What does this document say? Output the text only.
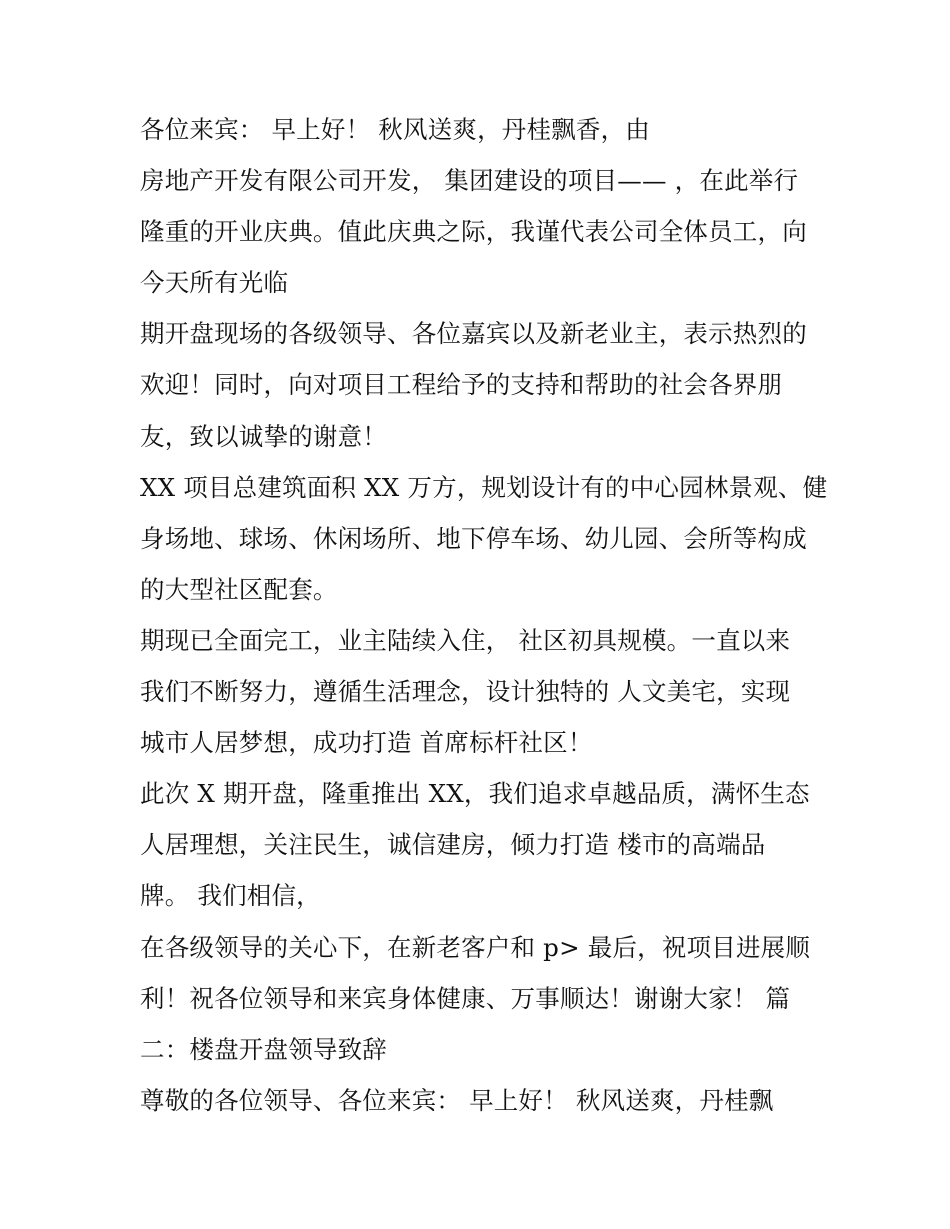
各位来宾： 早上好！ 秋风送爽，丹桂飘香，由
房地产开发有限公司开发， 集团建设的项目—— ，在此举行
隆重的开业庆典。值此庆典之际，我谨代表公司全体员工，向
今天所有光临
期开盘现场的各级领导、各位嘉宾以及新老业主，表示热烈的
欢迎！同时，向对项目工程给予的支持和帮助的社会各界朋
友，致以诚挚的谢意！
XX 项目总建筑面积 XX 万方，规划设计有的中心园林景观、健
身场地、球场、休闲场所、地下停车场、幼儿园、会所等构成
的大型社区配套。
期现已全面完工，业主陆续入住， 社区初具规模。一直以来
我们不断努力，遵循生活理念，设计独特的 人文美宅，实现
城市人居梦想，成功打造 首席标杆社区！
此次 X 期开盘，隆重推出 XX，我们追求卓越品质，满怀生态
人居理想，关注民生，诚信建房，倾力打造 楼市的高端品
牌。 我们相信，
在各级领导的关心下，在新老客户和 p> 最后，祝项目进展顺
利！祝各位领导和来宾身体健康、万事顺达！谢谢大家！ 篇
二：楼盘开盘领导致辞
尊敬的各位领导、各位来宾： 早上好！ 秋风送爽，丹桂飘
